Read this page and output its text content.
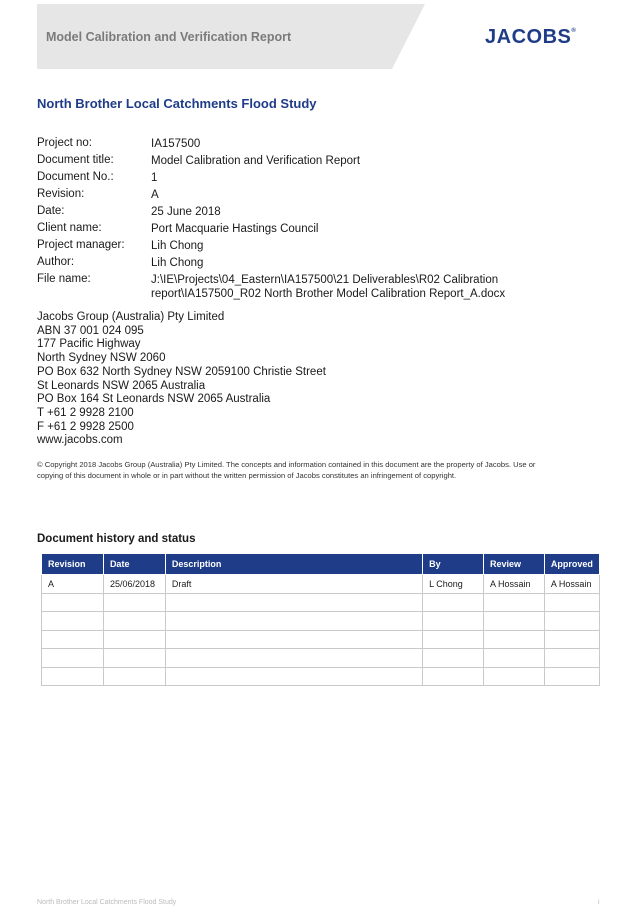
Model Calibration and Verification Report	JACOBS®
North Brother Local Catchments Flood Study
Project no:	IA157500
Document title:	Model Calibration and Verification Report
Document No.:	1
Revision:	A
Date:	25 June 2018
Client name:	Port Macquarie Hastings Council
Project manager:	Lih Chong
Author:	Lih Chong
File name:	J:\IE\Projects\04_Eastern\IA157500\21 Deliverables\R02 Calibration report\IA157500_R02 North Brother Model Calibration Report_A.docx
Jacobs Group (Australia) Pty Limited
ABN 37 001 024 095
177 Pacific Highway
North Sydney NSW 2060
PO Box 632 North Sydney NSW 2059100 Christie Street
St Leonards NSW 2065 Australia
PO Box 164 St Leonards NSW 2065 Australia
T +61 2 9928 2100
F +61 2 9928 2500
www.jacobs.com
© Copyright 2018 Jacobs Group (Australia) Pty Limited. The concepts and information contained in this document are the property of Jacobs. Use or copying of this document in whole or in part without the written permission of Jacobs constitutes an infringement of copyright.
Document history and status
Revision	Date	Description	By	Review	Approved
A	25/06/2018	Draft	L Chong	A Hossain	A Hossain

North Brother Local Catchments Flood Study	i
